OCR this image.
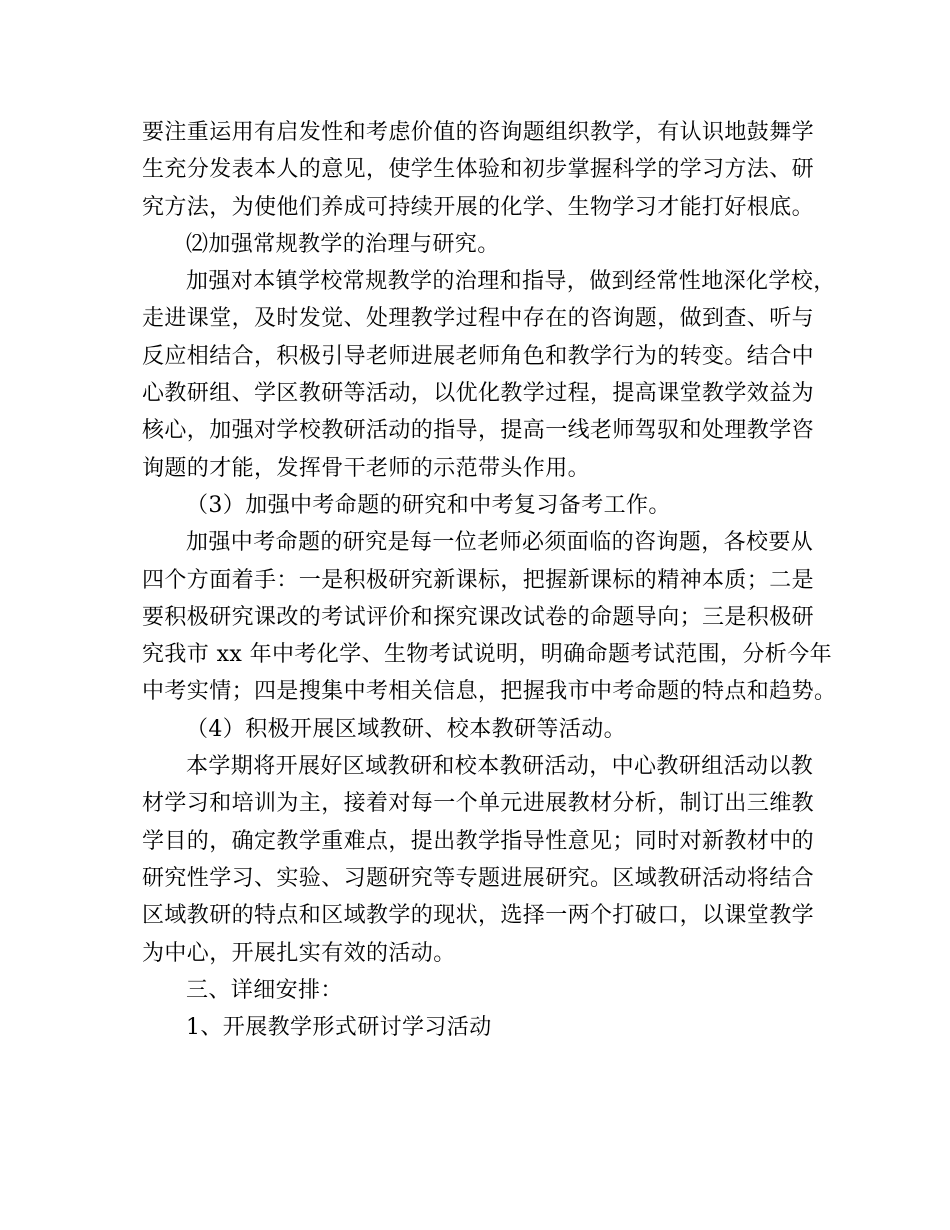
要注重运用有启发性和考虑价值的咨询题组织教学，有认识地鼓舞学
生充分发表本人的意见，使学生体验和初步掌握科学的学习方法、研
究方法，为使他们养成可持续开展的化学、生物学习才能打好根底。
⑵加强常规教学的治理与研究。
加强对本镇学校常规教学的治理和指导，做到经常性地深化学校，
走进课堂，及时发觉、处理教学过程中存在的咨询题，做到查、听与
反应相结合，积极引导老师进展老师角色和教学行为的转变。结合中
心教研组、学区教研等活动，以优化教学过程，提高课堂教学效益为
核心，加强对学校教研活动的指导，提高一线老师驾驭和处理教学咨
询题的才能，发挥骨干老师的示范带头作用。
（3）加强中考命题的研究和中考复习备考工作。
加强中考命题的研究是每一位老师必须面临的咨询题，各校要从
四个方面着手：一是积极研究新课标，把握新课标的精神本质；二是
要积极研究课改的考试评价和探究课改试卷的命题导向；三是积极研
究我市 xx 年中考化学、生物考试说明，明确命题考试范围，分析今年
中考实情；四是搜集中考相关信息，把握我市中考命题的特点和趋势。
（4）积极开展区域教研、校本教研等活动。
本学期将开展好区域教研和校本教研活动，中心教研组活动以教
材学习和培训为主，接着对每一个单元进展教材分析，制订出三维教
学目的，确定教学重难点，提出教学指导性意见；同时对新教材中的
研究性学习、实验、习题研究等专题进展研究。区域教研活动将结合
区域教研的特点和区域教学的现状，选择一两个打破口，以课堂教学
为中心，开展扎实有效的活动。
三、详细安排：
1、开展教学形式研讨学习活动
